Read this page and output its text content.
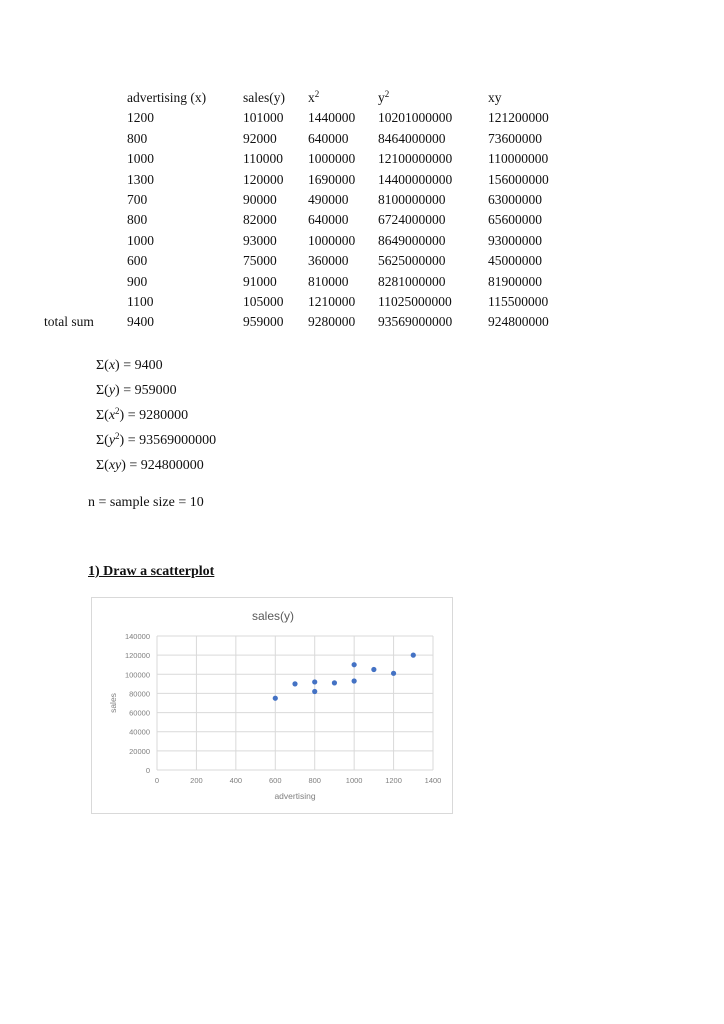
	advertising (x)	sales(y)	$x^2$	$y^2$	xy
	1200	101000	1440000	10201000000	121200000
	800	92000	640000	8464000000	73600000
	1000	110000	1000000	12100000000	110000000
	1300	120000	1690000	14400000000	156000000
	700	90000	490000	8100000000	63000000
	800	82000	640000	6724000000	65600000
	1000	93000	1000000	8649000000	93000000
	600	75000	360000	5625000000	45000000
	900	91000	810000	8281000000	81900000
	1100	105000	1210000	11025000000	115500000
total sum	9400	959000	9280000	93569000000	924800000
Σ(x) = 9400
Σ(y) = 959000
$\Sigma(x^2) = 9280000$
$\Sigma(y^2) = 93569000000$
Σ(xy) = 924800000
n = sample size = 10
1) Draw a scatterplot
sales(y)
0
20000
40000
60000
80000
100000
120000
140000
0	200	400	600	800	1000	1200	1400
advertising
sales
